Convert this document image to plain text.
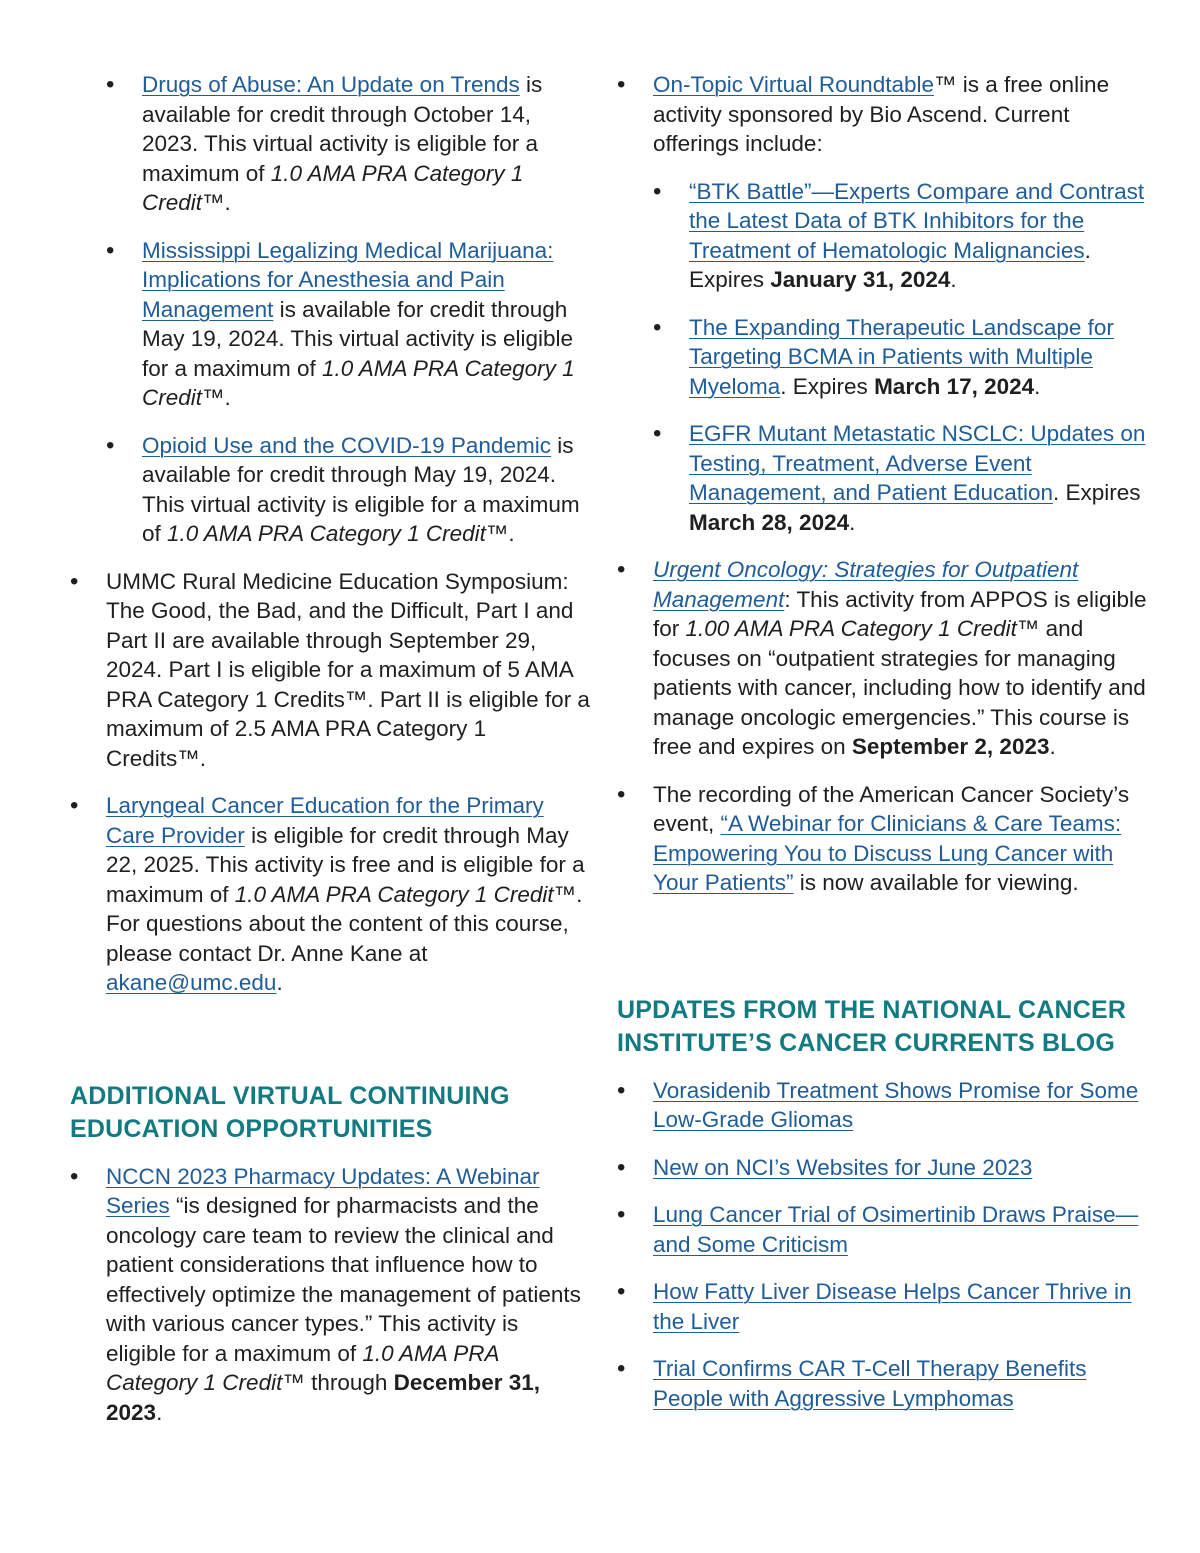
• Drugs of Abuse: An Update on Trends is available for credit through October 14, 2023. This virtual activity is eligible for a maximum of 1.0 AMA PRA Category 1 Credit™.
• Mississippi Legalizing Medical Marijuana: Implications for Anesthesia and Pain Management is available for credit through May 19, 2024. This virtual activity is eligible for a maximum of 1.0 AMA PRA Category 1 Credit™.
• Opioid Use and the COVID-19 Pandemic is available for credit through May 19, 2024. This virtual activity is eligible for a maximum of 1.0 AMA PRA Category 1 Credit™.
• UMMC Rural Medicine Education Symposium: The Good, the Bad, and the Difficult, Part I and Part II are available through September 29, 2024. Part I is eligible for a maximum of 5 AMA PRA Category 1 Credits™. Part II is eligible for a maximum of 2.5 AMA PRA Category 1 Credits™.
• Laryngeal Cancer Education for the Primary Care Provider is eligible for credit through May 22, 2025. This activity is free and is eligible for a maximum of 1.0 AMA PRA Category 1 Credit™. For questions about the content of this course, please contact Dr. Anne Kane at akane@umc.edu.
ADDITIONAL VIRTUAL CONTINUING EDUCATION OPPORTUNITIES
• NCCN 2023 Pharmacy Updates: A Webinar Series “is designed for pharmacists and the oncology care team to review the clinical and patient considerations that influence how to effectively optimize the management of patients with various cancer types.” This activity is eligible for a maximum of 1.0 AMA PRA Category 1 Credit™ through December 31, 2023.
• On-Topic Virtual Roundtable™ is a free online activity sponsored by Bio Ascend. Current offerings include:
• “BTK Battle”—Experts Compare and Contrast the Latest Data of BTK Inhibitors for the Treatment of Hematologic Malignancies. Expires January 31, 2024.
• The Expanding Therapeutic Landscape for Targeting BCMA in Patients with Multiple Myeloma. Expires March 17, 2024.
• EGFR Mutant Metastatic NSCLC: Updates on Testing, Treatment, Adverse Event Management, and Patient Education. Expires March 28, 2024.
• Urgent Oncology: Strategies for Outpatient Management: This activity from APPOS is eligible for 1.00 AMA PRA Category 1 Credit™ and focuses on “outpatient strategies for managing patients with cancer, including how to identify and manage oncologic emergencies.” This course is free and expires on September 2, 2023.
• The recording of the American Cancer Society’s event, “A Webinar for Clinicians & Care Teams: Empowering You to Discuss Lung Cancer with Your Patients” is now available for viewing.
UPDATES FROM THE NATIONAL CANCER INSTITUTE’S CANCER CURRENTS BLOG
• Vorasidenib Treatment Shows Promise for Some Low-Grade Gliomas
• New on NCI’s Websites for June 2023
• Lung Cancer Trial of Osimertinib Draws Praise—and Some Criticism
• How Fatty Liver Disease Helps Cancer Thrive in the Liver
• Trial Confirms CAR T-Cell Therapy Benefits People with Aggressive Lymphomas
